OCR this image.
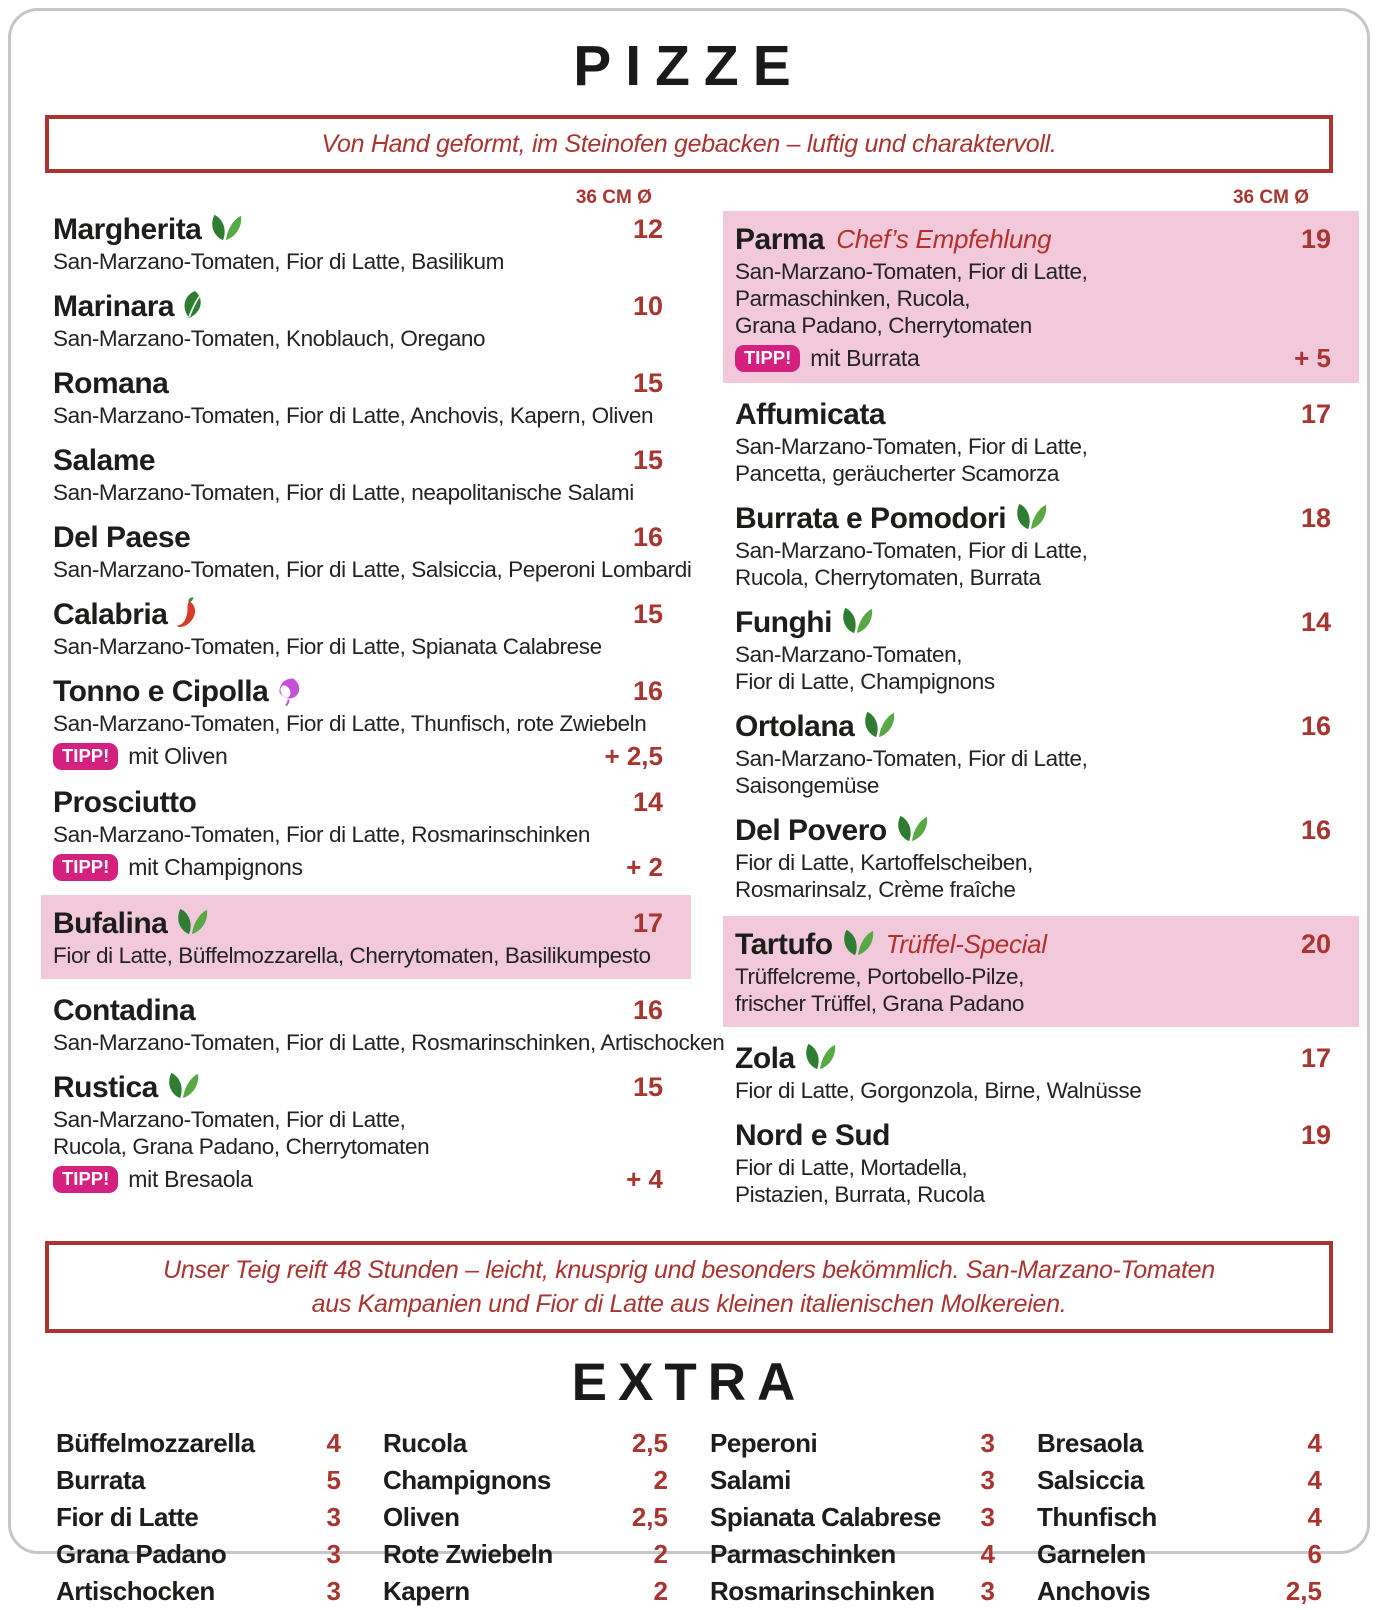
PIZZE
Von Hand geformt, im Steinofen gebacken – luftig und charaktervoll.
36 CM Ø	36 CM Ø
Margherita	12
San-Marzano-Tomaten, Fior di Latte, Basilikum
Marinara	10
San-Marzano-Tomaten, Knoblauch, Oregano
Romana	15
San-Marzano-Tomaten, Fior di Latte, Anchovis, Kapern, Oliven
Salame	15
San-Marzano-Tomaten, Fior di Latte, neapolitanische Salami
Del Paese	16
San-Marzano-Tomaten, Fior di Latte, Salsiccia, Peperoni Lombardi
Calabria	15
San-Marzano-Tomaten, Fior di Latte, Spianata Calabrese
Tonno e Cipolla	16
San-Marzano-Tomaten, Fior di Latte, Thunfisch, rote Zwiebeln
TIPP! mit Oliven	+ 2,5
Prosciutto	14
San-Marzano-Tomaten, Fior di Latte, Rosmarinschinken
TIPP! mit Champignons	+ 2
Bufalina	17
Fior di Latte, Büffelmozzarella, Cherrytomaten, Basilikumpesto
Contadina	16
San-Marzano-Tomaten, Fior di Latte, Rosmarinschinken, Artischocken
Rustica	15
San-Marzano-Tomaten, Fior di Latte,
Rucola, Grana Padano, Cherrytomaten
TIPP! mit Bresaola	+ 4
Parma Chef’s Empfehlung	19
San-Marzano-Tomaten, Fior di Latte,
Parmaschinken, Rucola,
Grana Padano, Cherrytomaten
TIPP! mit Burrata	+ 5
Affumicata	17
San-Marzano-Tomaten, Fior di Latte,
Pancetta, geräucherter Scamorza
Burrata e Pomodori	18
San-Marzano-Tomaten, Fior di Latte,
Rucola, Cherrytomaten, Burrata
Funghi	14
San-Marzano-Tomaten,
Fior di Latte, Champignons
Ortolana	16
San-Marzano-Tomaten, Fior di Latte,
Saisongemüse
Del Povero	16
Fior di Latte, Kartoffelscheiben,
Rosmarinsalz, Crème fraîche
Tartufo Trüffel-Special	20
Trüffelcreme, Portobello-Pilze,
frischer Trüffel, Grana Padano
Zola	17
Fior di Latte, Gorgonzola, Birne, Walnüsse
Nord e Sud	19
Fior di Latte, Mortadella,
Pistazien, Burrata, Rucola
Unser Teig reift 48 Stunden – leicht, knusprig und besonders bekömmlich. San-Marzano-Tomaten
aus Kampanien und Fior di Latte aus kleinen italienischen Molkereien.
EXTRA
Büffelmozzarella	4
Burrata	5
Fior di Latte	3
Grana Padano	3
Artischocken	3
Rucola	2,5
Champignons	2
Oliven	2,5
Rote Zwiebeln	2
Kapern	2
Peperoni	3
Salami	3
Spianata Calabrese 3
Parmaschinken	4
Rosmarinschinken 3
Bresaola	4
Salsiccia	4
Thunfisch	4
Garnelen	6
Anchovis	2,5
